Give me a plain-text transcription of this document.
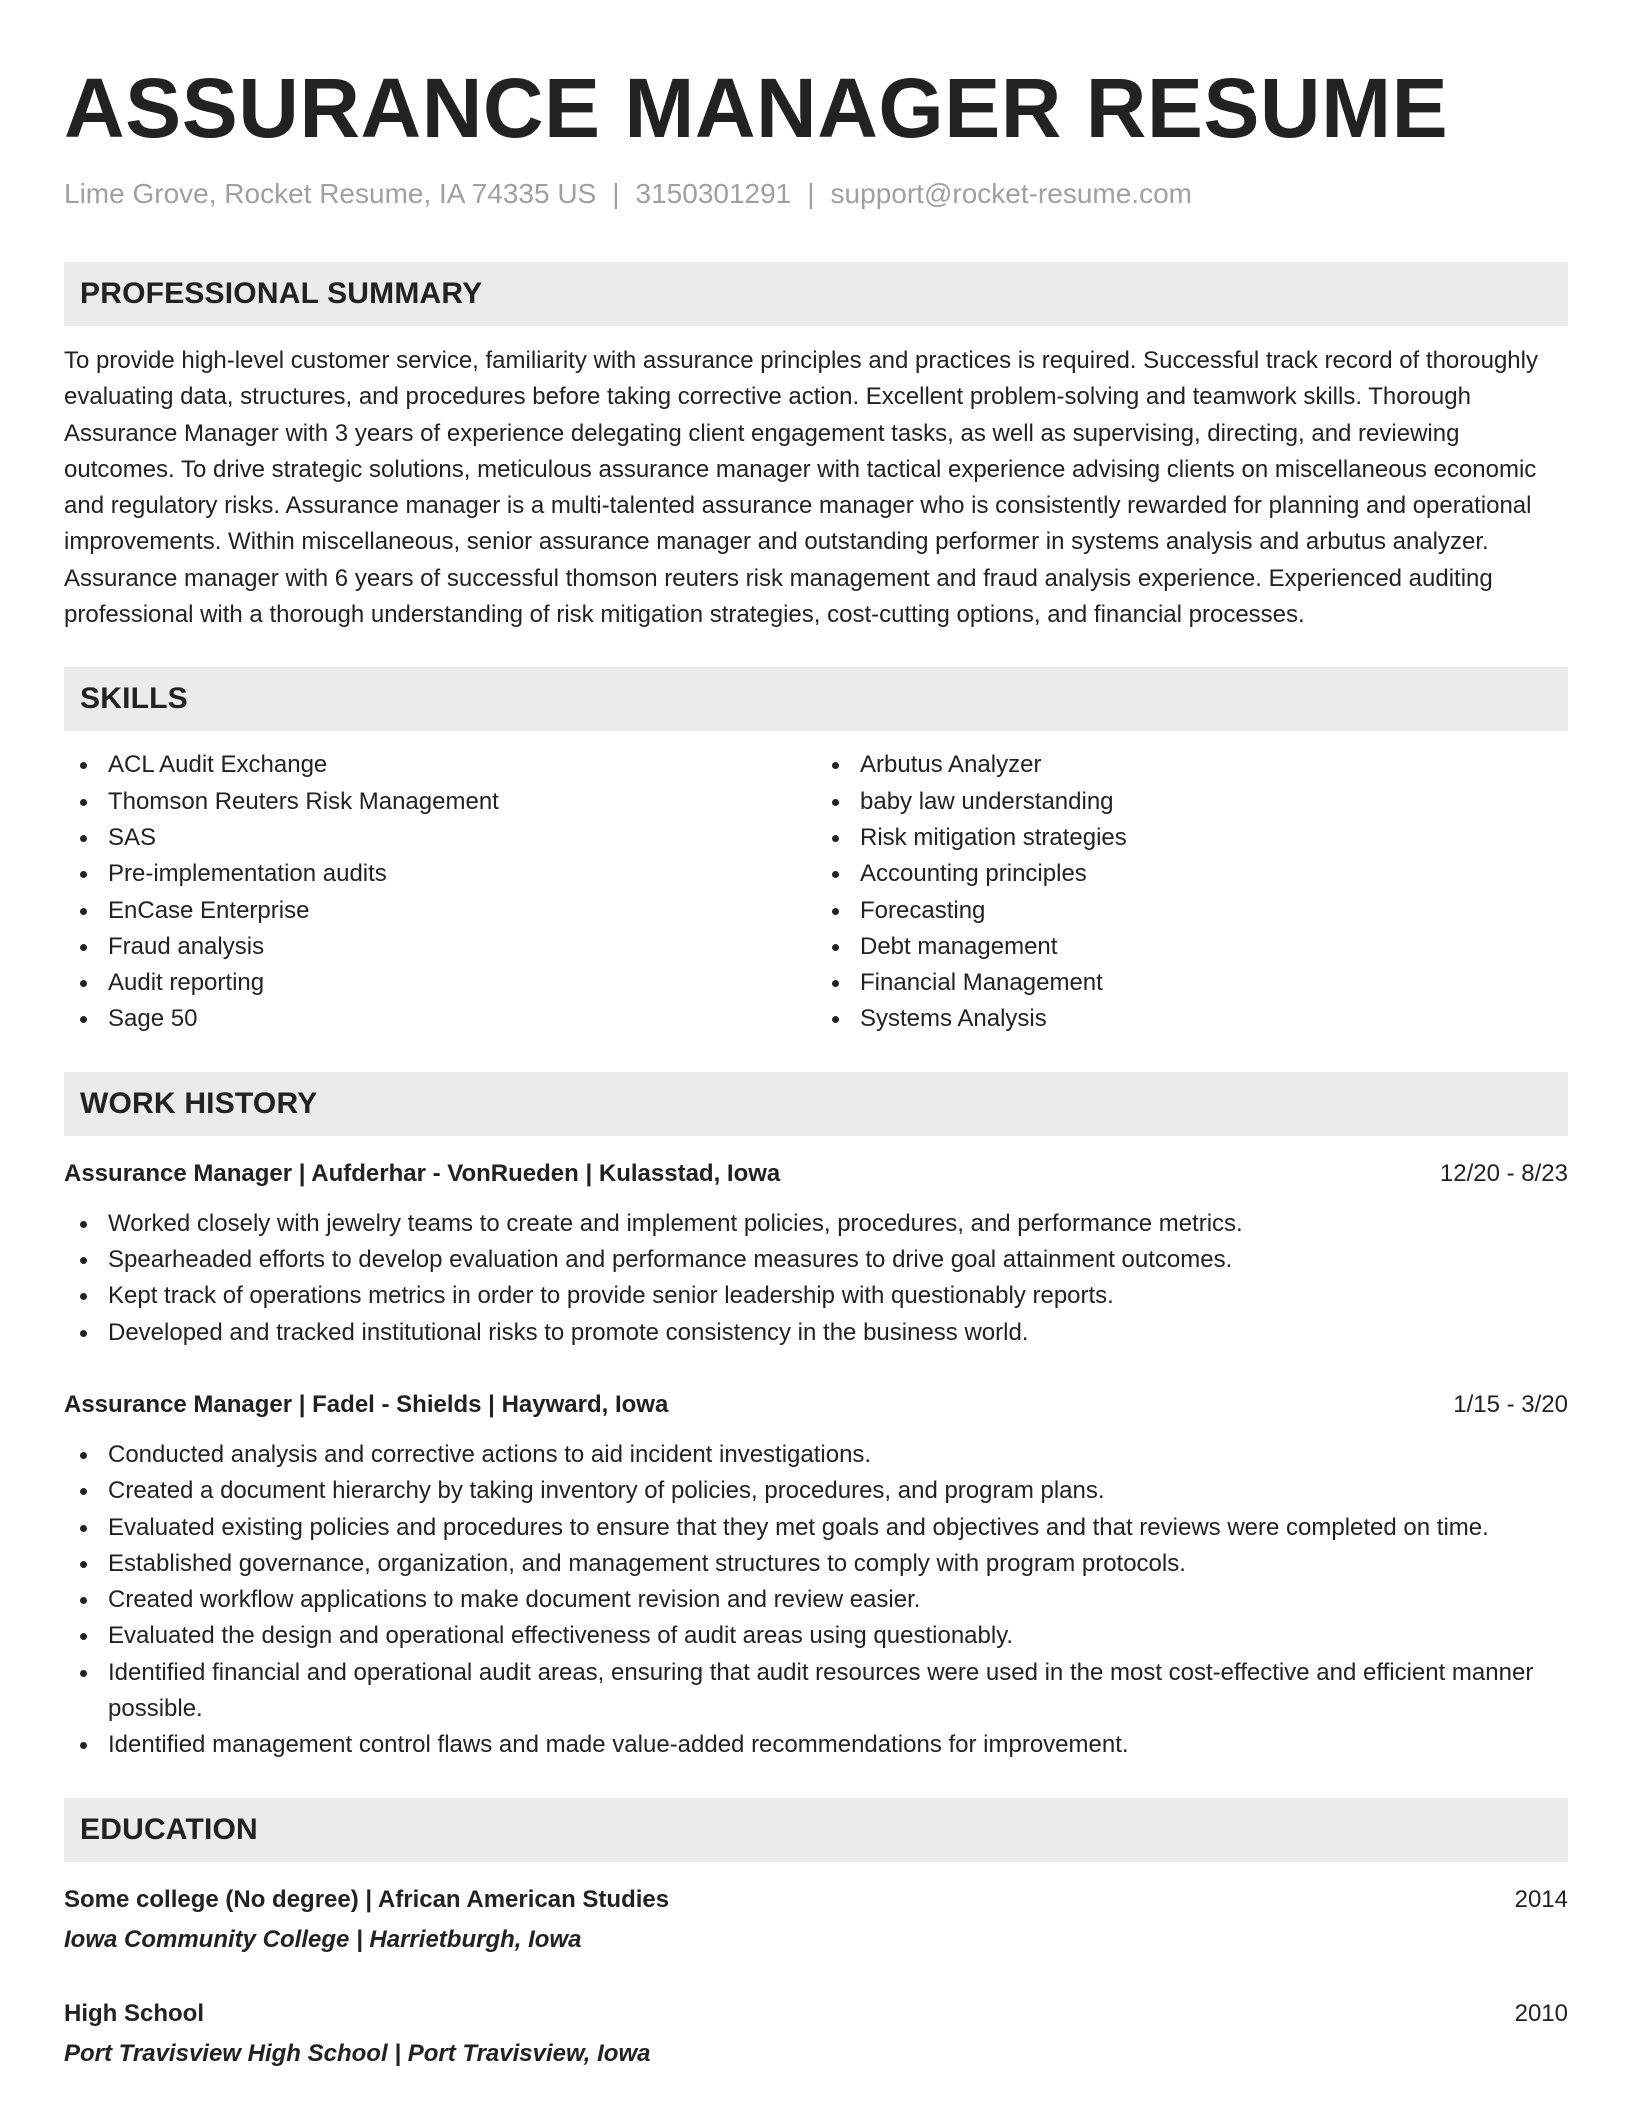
ASSURANCE MANAGER RESUME
Lime Grove, Rocket Resume, IA 74335 US | 3150301291 | support@rocket-resume.com
PROFESSIONAL SUMMARY

To provide high-level customer service, familiarity with assurance principles and practices is required. Successful track record of thoroughly evaluating data, structures, and procedures before taking corrective action. Excellent problem-solving and teamwork skills. Thorough Assurance Manager with 3 years of experience delegating client engagement tasks, as well as supervising, directing, and reviewing outcomes. To drive strategic solutions, meticulous assurance manager with tactical experience advising clients on miscellaneous economic and regulatory risks. Assurance manager is a multi-talented assurance manager who is consistently rewarded for planning and operational improvements. Within miscellaneous, senior assurance manager and outstanding performer in systems analysis and arbutus analyzer. Assurance manager with 6 years of successful thomson reuters risk management and fraud analysis experience. Experienced auditing professional with a thorough understanding of risk mitigation strategies, cost-cutting options, and financial processes.

SKILLS
ACL Audit Exchange
Thomson Reuters Risk Management
SAS
Pre-implementation audits
EnCase Enterprise
Fraud analysis
Audit reporting
Sage 50
Arbutus Analyzer
baby law understanding
Risk mitigation strategies
Accounting principles
Forecasting
Debt management
Financial Management
Systems Analysis
WORK HISTORY
Assurance Manager | Aufderhar - VonRueden | Kulasstad, Iowa	12/20 - 8/23
Worked closely with jewelry teams to create and implement policies, procedures, and performance metrics.
Spearheaded efforts to develop evaluation and performance measures to drive goal attainment outcomes.
Kept track of operations metrics in order to provide senior leadership with questionably reports.
Developed and tracked institutional risks to promote consistency in the business world.
Assurance Manager | Fadel - Shields | Hayward, Iowa	1/15 - 3/20
Conducted analysis and corrective actions to aid incident investigations.
Created a document hierarchy by taking inventory of policies, procedures, and program plans.
Evaluated existing policies and procedures to ensure that they met goals and objectives and that reviews were completed on time.
Established governance, organization, and management structures to comply with program protocols.
Created workflow applications to make document revision and review easier.
Evaluated the design and operational effectiveness of audit areas using questionably.
Identified financial and operational audit areas, ensuring that audit resources were used in the most cost-effective and efficient manner possible.
Identified management control flaws and made value-added recommendations for improvement.
EDUCATION
Some college (No degree) | African American Studies	2014
Iowa Community College | Harrietburgh, Iowa
High School	2010
Port Travisview High School | Port Travisview, Iowa
